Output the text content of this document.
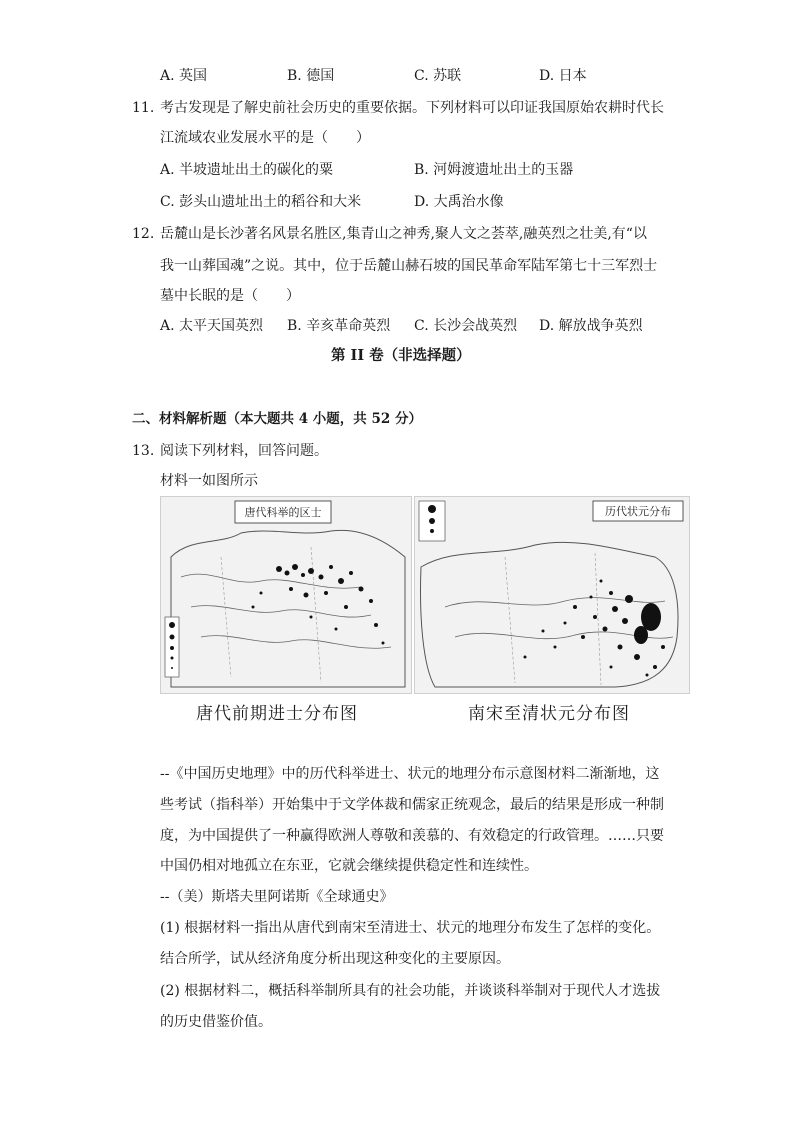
A. 英国	B. 德国	C. 苏联	D. 日本
11. 考古发现是了解史前社会历史的重要依据。下列材料可以印证我国原始农耕时代长
江流域农业发展水平的是（　　）
A. 半坡遗址出土的碳化的粟	B. 河姆渡遗址出土的玉器
C. 彭头山遗址出土的稻谷和大米	D. 大禹治水像
12. 岳麓山是长沙著名风景名胜区,集青山之神秀,聚人文之荟萃,融英烈之壮美,有“以
我一山葬国魂”之说。其中，位于岳麓山赫石坡的国民革命军陆军第七十三军烈士
墓中长眠的是（　　）
A. 太平天国英烈 B. 辛亥革命英烈 C. 长沙会战英烈 D. 解放战争英烈
第 II 卷（非选择题）
二、材料解析题（本大题共 4 小题，共 52 分）
13. 阅读下列材料，回答问题。
材料一如图所示
唐代科举的区士	历代状元分布
唐代前期进士分布图	南宋至清状元分布图
--《中国历史地理》中的历代科举进士、状元的地理分布示意图材料二渐渐地，这
些考试（指科举）开始集中于文学体裁和儒家正统观念，最后的结果是形成一种制
度，为中国提供了一种赢得欧洲人尊敬和羡慕的、有效稳定的行政管理。……只要
中国仍相对地孤立在东亚，它就会继续提供稳定性和连续性。
--（美）斯塔夫里阿诺斯《全球通史》
(1) 根据材料一指出从唐代到南宋至清进士、状元的地理分布发生了怎样的变化。
结合所学，试从经济角度分析出现这种变化的主要原因。
(2) 根据材料二，概括科举制所具有的社会功能，并谈谈科举制对于现代人才选拔
的历史借鉴价值。
